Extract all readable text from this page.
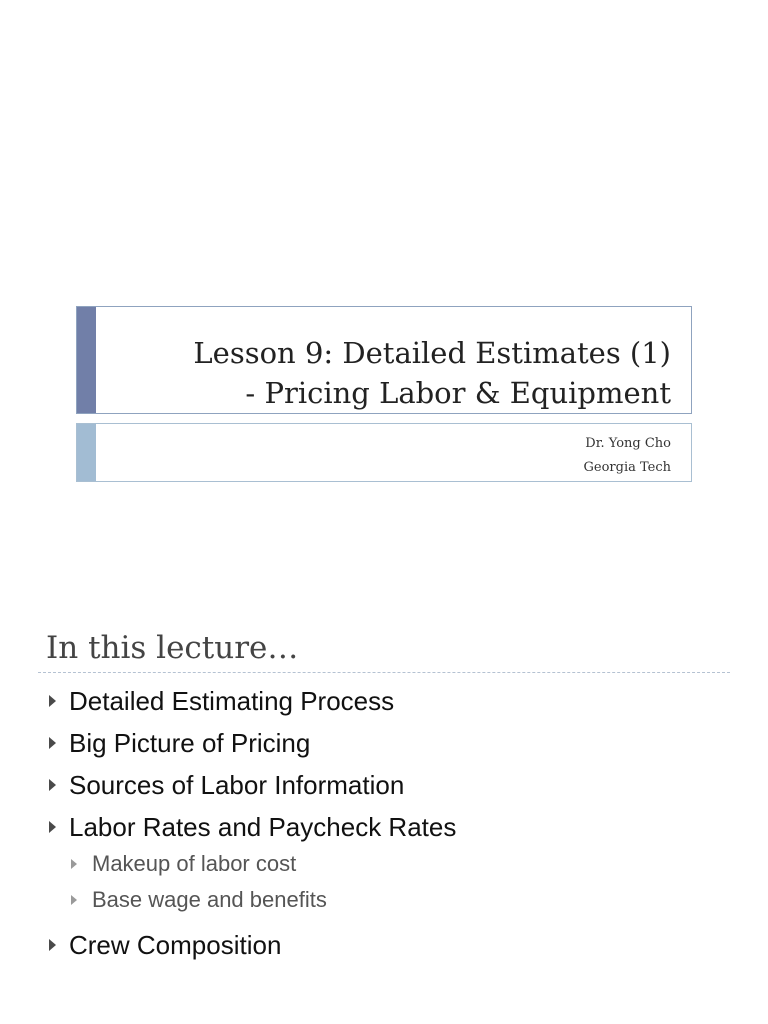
Lesson 9: Detailed Estimates (1)
- Pricing Labor & Equipment
Dr. Yong Cho
Georgia Tech
In this lecture…
Detailed Estimating Process
Big Picture of Pricing
Sources of Labor Information
Labor Rates and Paycheck Rates
Makeup of labor cost
Base wage and benefits
Crew Composition
